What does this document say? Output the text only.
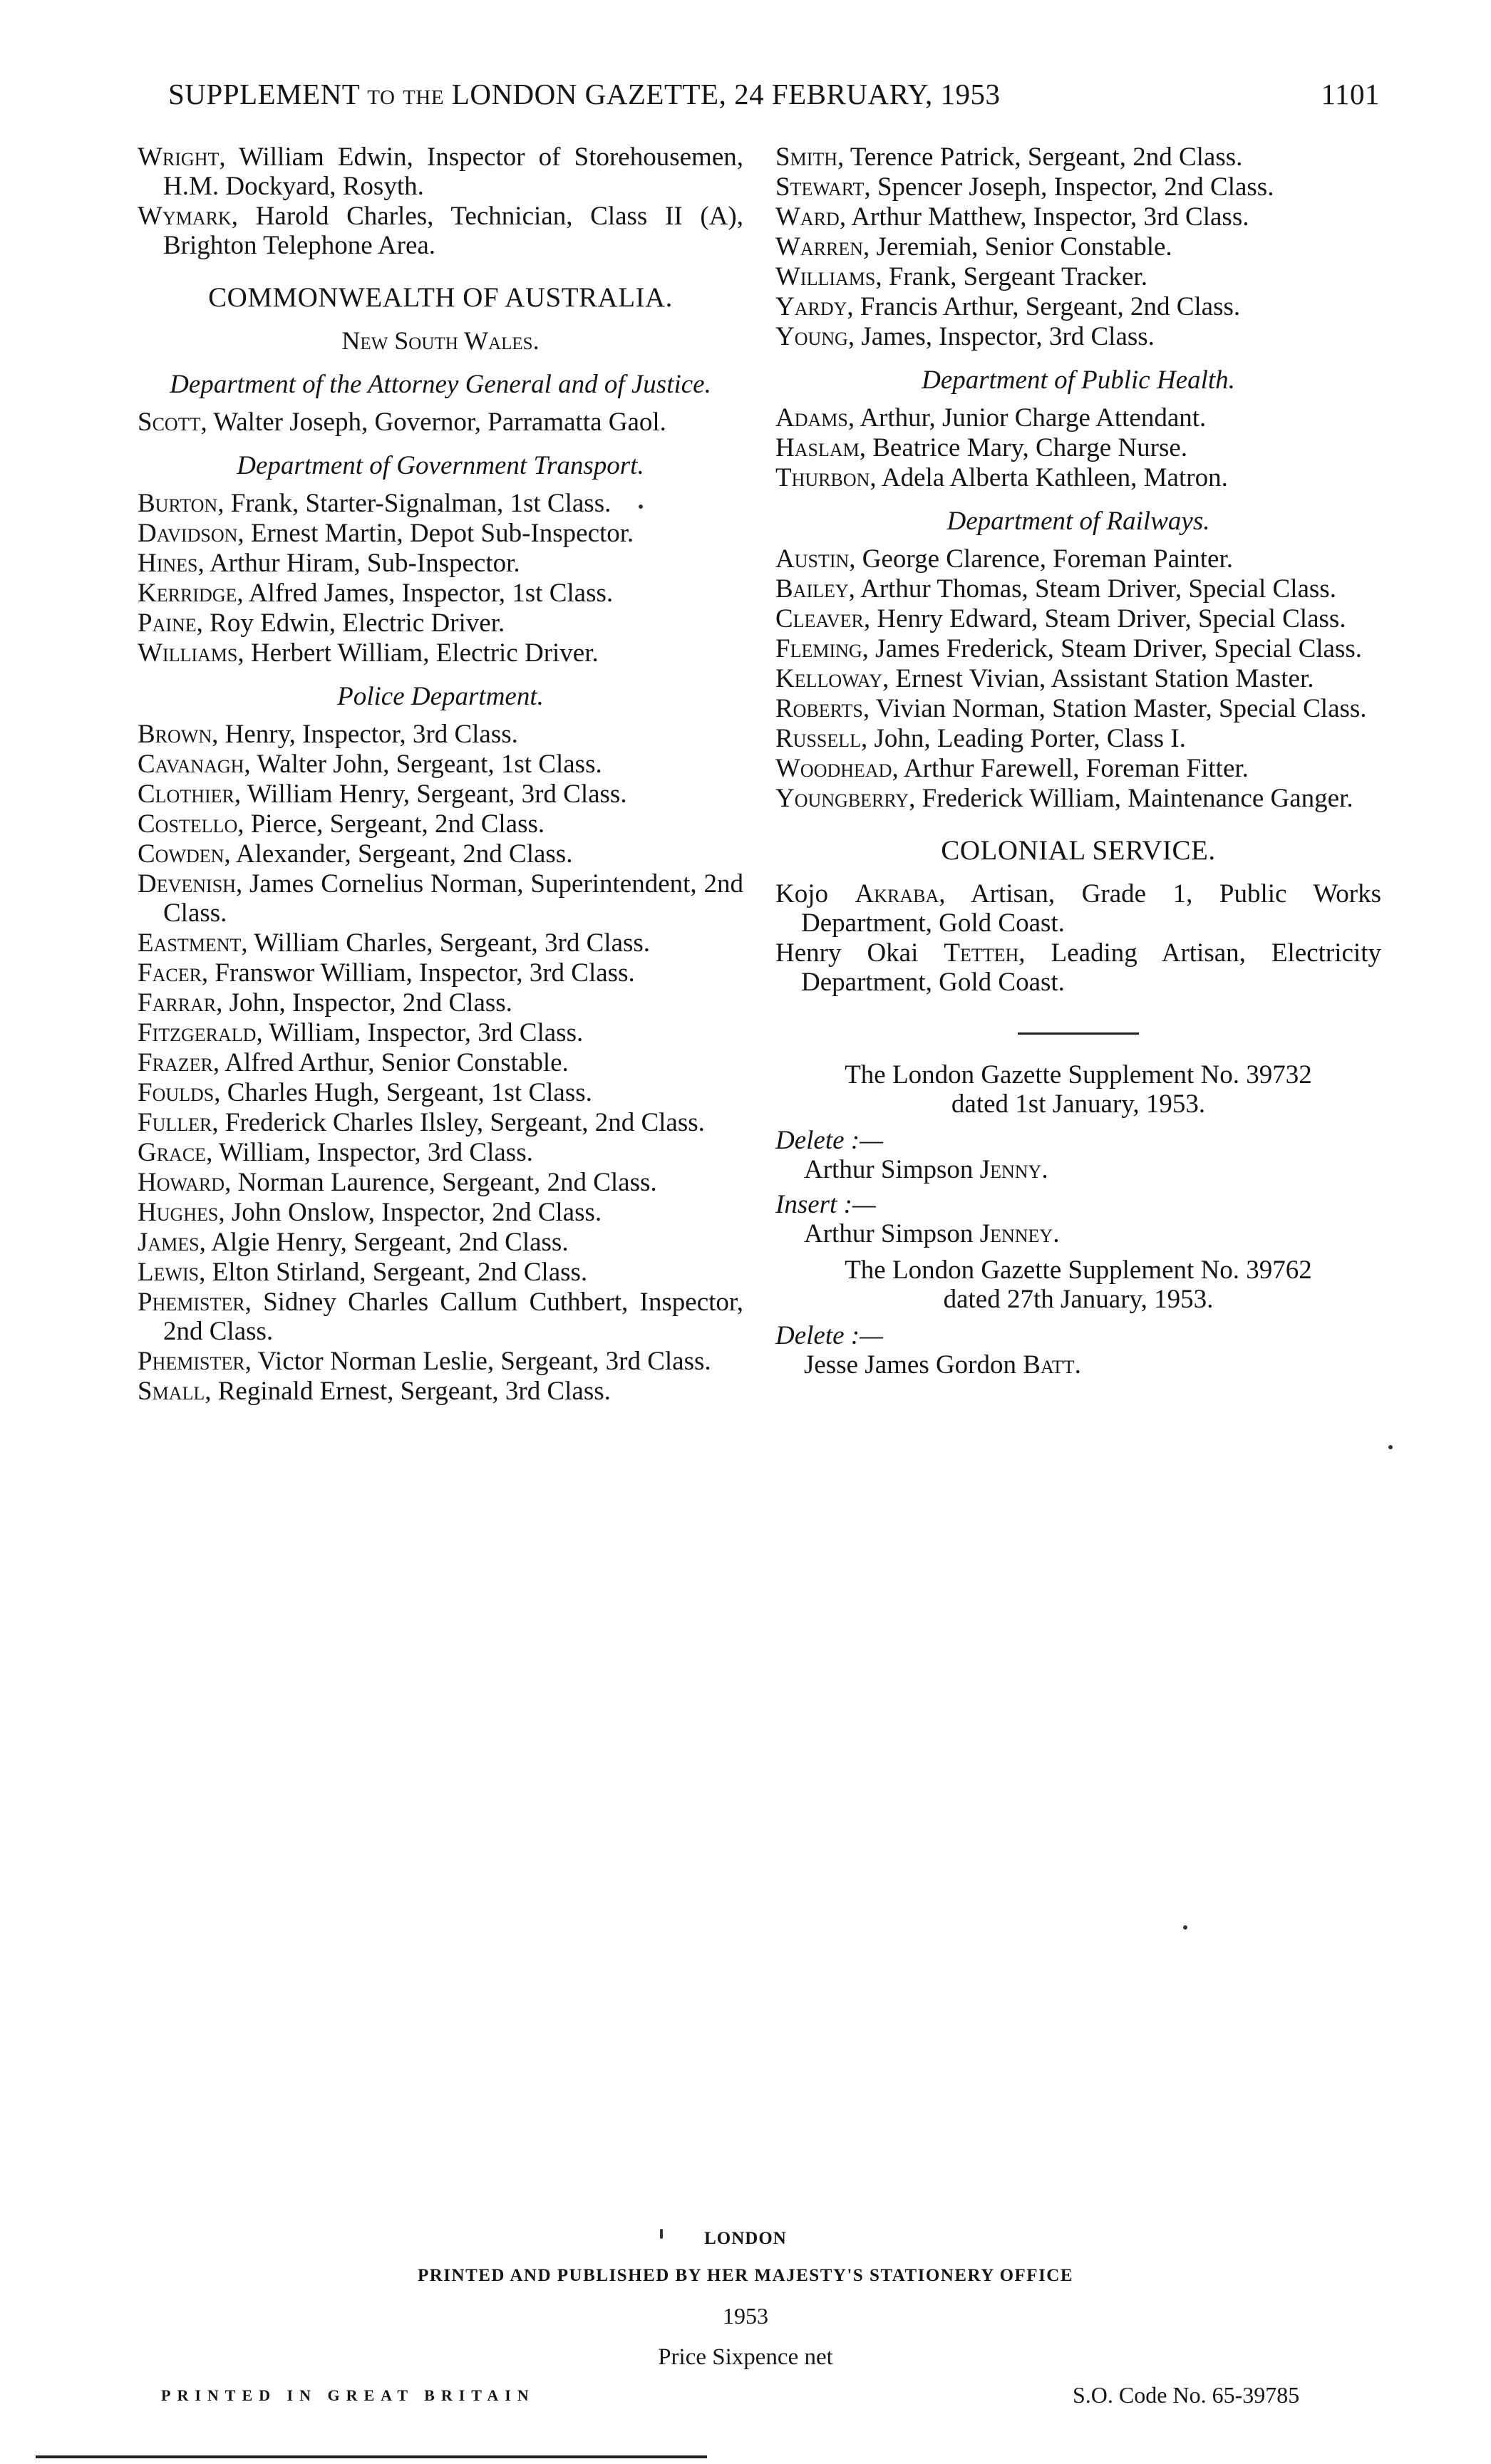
SUPPLEMENT to the LONDON GAZETTE, 24 FEBRUARY, 1953	1101

Wright, William Edwin, Inspector of Storehousemen, H.M. Dockyard, Rosyth.

Wymark, Harold Charles, Technician, Class II (A), Brighton Telephone Area.

COMMONWEALTH OF AUSTRALIA.
New South Wales.
Department of the Attorney General and of Justice.

Scott, Walter Joseph, Governor, Parramatta Gaol.

Department of Government Transport.

Burton, Frank, Starter-Signalman, 1st Class.

Davidson, Ernest Martin, Depot Sub-Inspector.

Hines, Arthur Hiram, Sub-Inspector.

Kerridge, Alfred James, Inspector, 1st Class.

Paine, Roy Edwin, Electric Driver.

Williams, Herbert William, Electric Driver.

Police Department.

Brown, Henry, Inspector, 3rd Class.

Cavanagh, Walter John, Sergeant, 1st Class.

Clothier, William Henry, Sergeant, 3rd Class.

Costello, Pierce, Sergeant, 2nd Class.

Cowden, Alexander, Sergeant, 2nd Class.

Devenish, James Cornelius Norman, Superintendent, 2nd Class.

Eastment, William Charles, Sergeant, 3rd Class.

Facer, Franswor William, Inspector, 3rd Class.

Farrar, John, Inspector, 2nd Class.

Fitzgerald, William, Inspector, 3rd Class.

Frazer, Alfred Arthur, Senior Constable.

Foulds, Charles Hugh, Sergeant, 1st Class.

Fuller, Frederick Charles Ilsley, Sergeant, 2nd Class.

Grace, William, Inspector, 3rd Class.

Howard, Norman Laurence, Sergeant, 2nd Class.

Hughes, John Onslow, Inspector, 2nd Class.

James, Algie Henry, Sergeant, 2nd Class.

Lewis, Elton Stirland, Sergeant, 2nd Class.

Phemister, Sidney Charles Callum Cuthbert, Inspector, 2nd Class.

Phemister, Victor Norman Leslie, Sergeant, 3rd Class.

Small, Reginald Ernest, Sergeant, 3rd Class.

Smith, Terence Patrick, Sergeant, 2nd Class.

Stewart, Spencer Joseph, Inspector, 2nd Class.

Ward, Arthur Matthew, Inspector, 3rd Class.

Warren, Jeremiah, Senior Constable.

Williams, Frank, Sergeant Tracker.

Yardy, Francis Arthur, Sergeant, 2nd Class.

Young, James, Inspector, 3rd Class.

Department of Public Health.

Adams, Arthur, Junior Charge Attendant.

Haslam, Beatrice Mary, Charge Nurse.

Thurbon, Adela Alberta Kathleen, Matron.

Department of Railways.

Austin, George Clarence, Foreman Painter.

Bailey, Arthur Thomas, Steam Driver, Special Class.

Cleaver, Henry Edward, Steam Driver, Special Class.

Fleming, James Frederick, Steam Driver, Special Class.

Kelloway, Ernest Vivian, Assistant Station Master.

Roberts, Vivian Norman, Station Master, Special Class.

Russell, John, Leading Porter, Class I.

Woodhead, Arthur Farewell, Foreman Fitter.

Youngberry, Frederick William, Maintenance Ganger.

COLONIAL SERVICE.

Kojo Akraba, Artisan, Grade 1, Public Works Department, Gold Coast.

Henry Okai Tetteh, Leading Artisan, Electricity Department, Gold Coast.

The London Gazette Supplement No. 39732
dated 1st January, 1953.
Delete :—
Arthur Simpson Jenny.
Insert :—
Arthur Simpson Jenney.
The London Gazette Supplement No. 39762
dated 27th January, 1953.
Delete :—
Jesse James Gordon Batt.
LONDON
PRINTED AND PUBLISHED BY HER MAJESTY'S STATIONERY OFFICE
1953
Price Sixpence net
PRINTED IN GREAT BRITAIN	S.O. Code No. 65-39785
